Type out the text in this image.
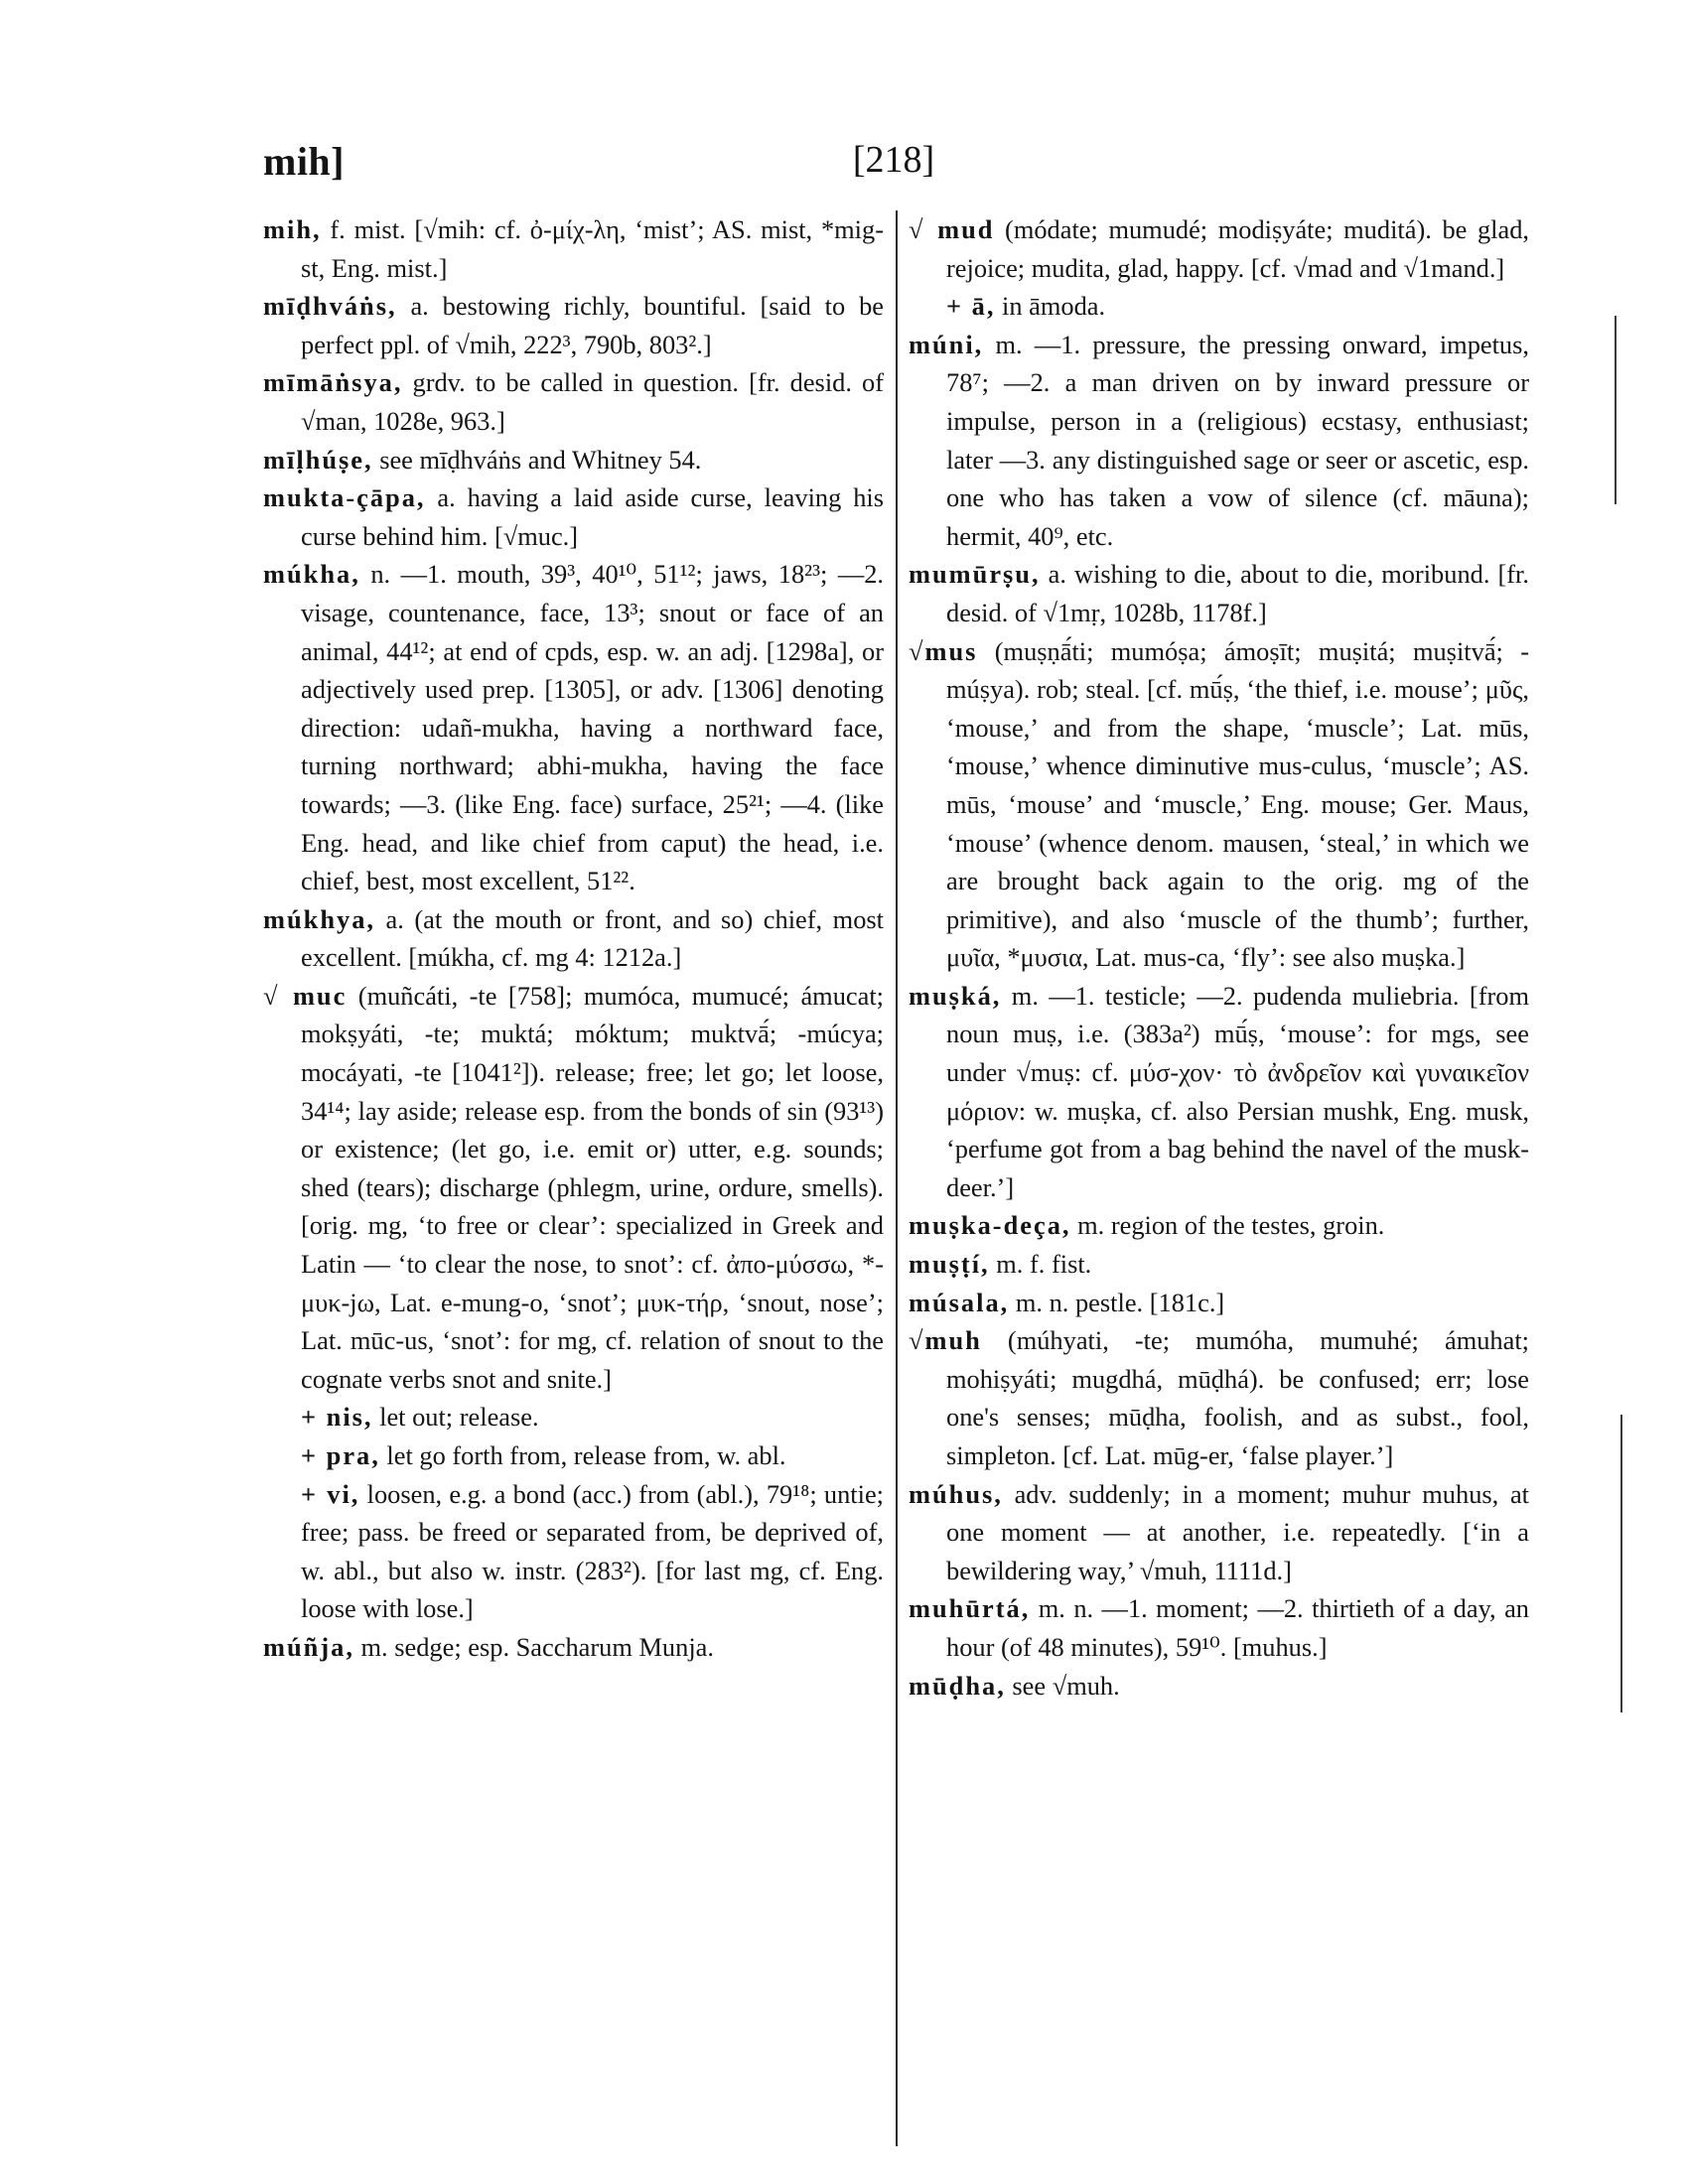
mih]	[218]

mih, f. mist. [√mih: cf. ὀ-μίχ-λη, ‘mist’; AS. mist, *mig-st, Eng. mist.]

mīḍhváṅs, a. bestowing richly, bountiful. [said to be perfect ppl. of √mih, 222³, 790b, 803².]

mīmāṅsya, grdv. to be called in question. [fr. desid. of √man, 1028e, 963.]

mīḷhúṣe, see mīḍhváṅs and Whitney 54.

mukta-çāpa, a. having a laid aside curse, leaving his curse behind him. [√muc.]

múkha, n. —1. mouth, 39³, 40¹⁰, 51¹²; jaws, 18²³; —2. visage, countenance, face, 13³; snout or face of an animal, 44¹²; at end of cpds, esp. w. an adj. [1298a], or adjectively used prep. [1305], or adv. [1306] denoting direction: udañ-mukha, having a northward face, turning northward; abhi-mukha, having the face towards; —3. (like Eng. face) surface, 25²¹; —4. (like Eng. head, and like chief from caput) the head, i.e. chief, best, most excellent, 51²².

múkhya, a. (at the mouth or front, and so) chief, most excellent. [múkha, cf. mg 4: 1212a.]

√ muc (muñcáti, -te [758]; mumóca, mumucé; ámucat; mokṣyáti, -te; muktá; móktum; muktvā́; -múcya; mocáyati, -te [1041²]). release; free; let go; let loose, 34¹⁴; lay aside; release esp. from the bonds of sin (93¹³) or existence; (let go, i.e. emit or) utter, e.g. sounds; shed (tears); discharge (phlegm, urine, ordure, smells). [orig. mg, ‘to free or clear’: specialized in Greek and Latin — ‘to clear the nose, to snot’: cf. ἀπο-μύσσω, *-μυκ-jω, Lat. e-mung-o, ‘snot’; μυκ-τήρ, ‘snout, nose’; Lat. mūc-us, ‘snot’: for mg, cf. relation of snout to the cognate verbs snot and snite.]

+ nis, let out; release.

+ pra, let go forth from, release from, w. abl.

+ vi, loosen, e.g. a bond (acc.) from (abl.), 79¹⁸; untie; free; pass. be freed or separated from, be deprived of, w. abl., but also w. instr. (283²). [for last mg, cf. Eng. loose with lose.]

múñja, m. sedge; esp. Saccharum Munja.

√ mud (módate; mumudé; modiṣyáte; muditá). be glad, rejoice; mudita, glad, happy. [cf. √mad and √1mand.]

+ ā, in āmoda.

múni, m. —1. pressure, the pressing onward, impetus, 78⁷; —2. a man driven on by inward pressure or impulse, person in a (religious) ecstasy, enthusiast; later —3. any distinguished sage or seer or ascetic, esp. one who has taken a vow of silence (cf. māuna); hermit, 40⁹, etc.

mumūrṣu, a. wishing to die, about to die, moribund. [fr. desid. of √1mṛ, 1028b, 1178f.]

√mus (muṣṇā́ti; mumóṣa; ámoṣīt; muṣitá; muṣitvā́; -múṣya). rob; steal. [cf. mū́ṣ, ‘the thief, i.e. mouse’; μῦς, ‘mouse,’ and from the shape, ‘muscle’; Lat. mūs, ‘mouse,’ whence diminutive mus-culus, ‘muscle’; AS. mūs, ‘mouse’ and ‘muscle,’ Eng. mouse; Ger. Maus, ‘mouse’ (whence denom. mausen, ‘steal,’ in which we are brought back again to the orig. mg of the primitive), and also ‘muscle of the thumb’; further, μυῖα, *μυσια, Lat. mus-ca, ‘fly’: see also muṣka.]

muṣká, m. —1. testicle; —2. pudenda muliebria. [from noun muṣ, i.e. (383a²) mū́ṣ, ‘mouse’: for mgs, see under √muṣ: cf. μύσ-χον· τὸ ἀνδρεῖον καὶ γυναικεῖον μόριον: w. muṣka, cf. also Persian mushk, Eng. musk, ‘perfume got from a bag behind the navel of the musk-deer.’]

muṣka-deça, m. region of the testes, groin.

muṣṭí, m. f. fist.

músala, m. n. pestle. [181c.]

√muh (múhyati, -te; mumóha, mumuhé; ámuhat; mohiṣyáti; mugdhá, mūḍhá). be confused; err; lose one's senses; mūḍha, foolish, and as subst., fool, simpleton. [cf. Lat. mūg-er, ‘false player.’]

múhus, adv. suddenly; in a moment; muhur muhus, at one moment — at another, i.e. repeatedly. [‘in a bewildering way,’ √muh, 1111d.]

muhūrtá, m. n. —1. moment; —2. thirtieth of a day, an hour (of 48 minutes), 59¹⁰. [muhus.]

mūḍha, see √muh.
